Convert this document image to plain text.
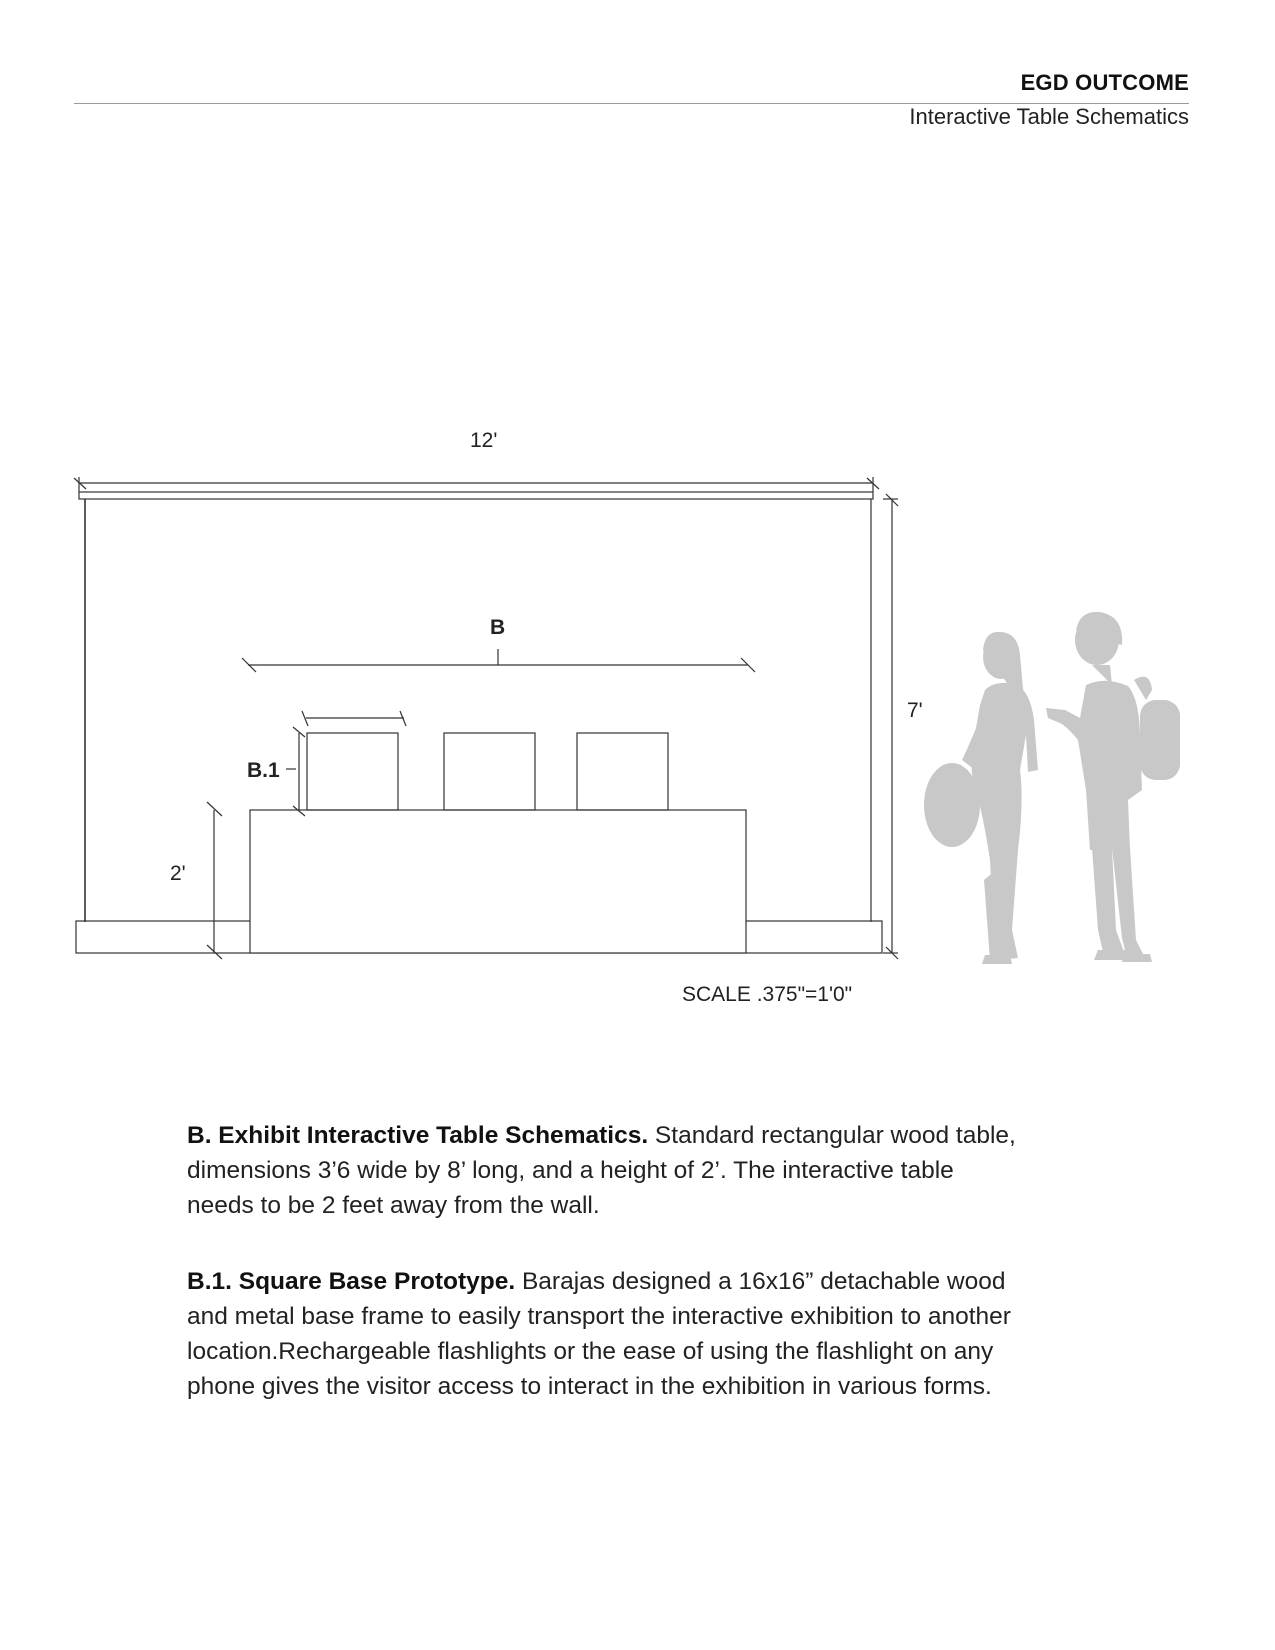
EGD OUTCOME
Interactive Table Schematics
12'
7'
2'
B
B.1
SCALE .375"=1'0"
B. Exhibit Interactive Table Schematics. Standard rectangular wood table, dimensions 3’6 wide by 8’ long, and a height of 2’. The interactive table needs to be 2 feet away from the wall.
B.1. Square Base Prototype. Barajas designed a 16x16” detachable wood and metal base frame to easily transport the interactive exhibition to another location.Rechargeable flashlights or the ease of using the flashlight on any phone gives the visitor access to interact in the exhibition in various forms.
